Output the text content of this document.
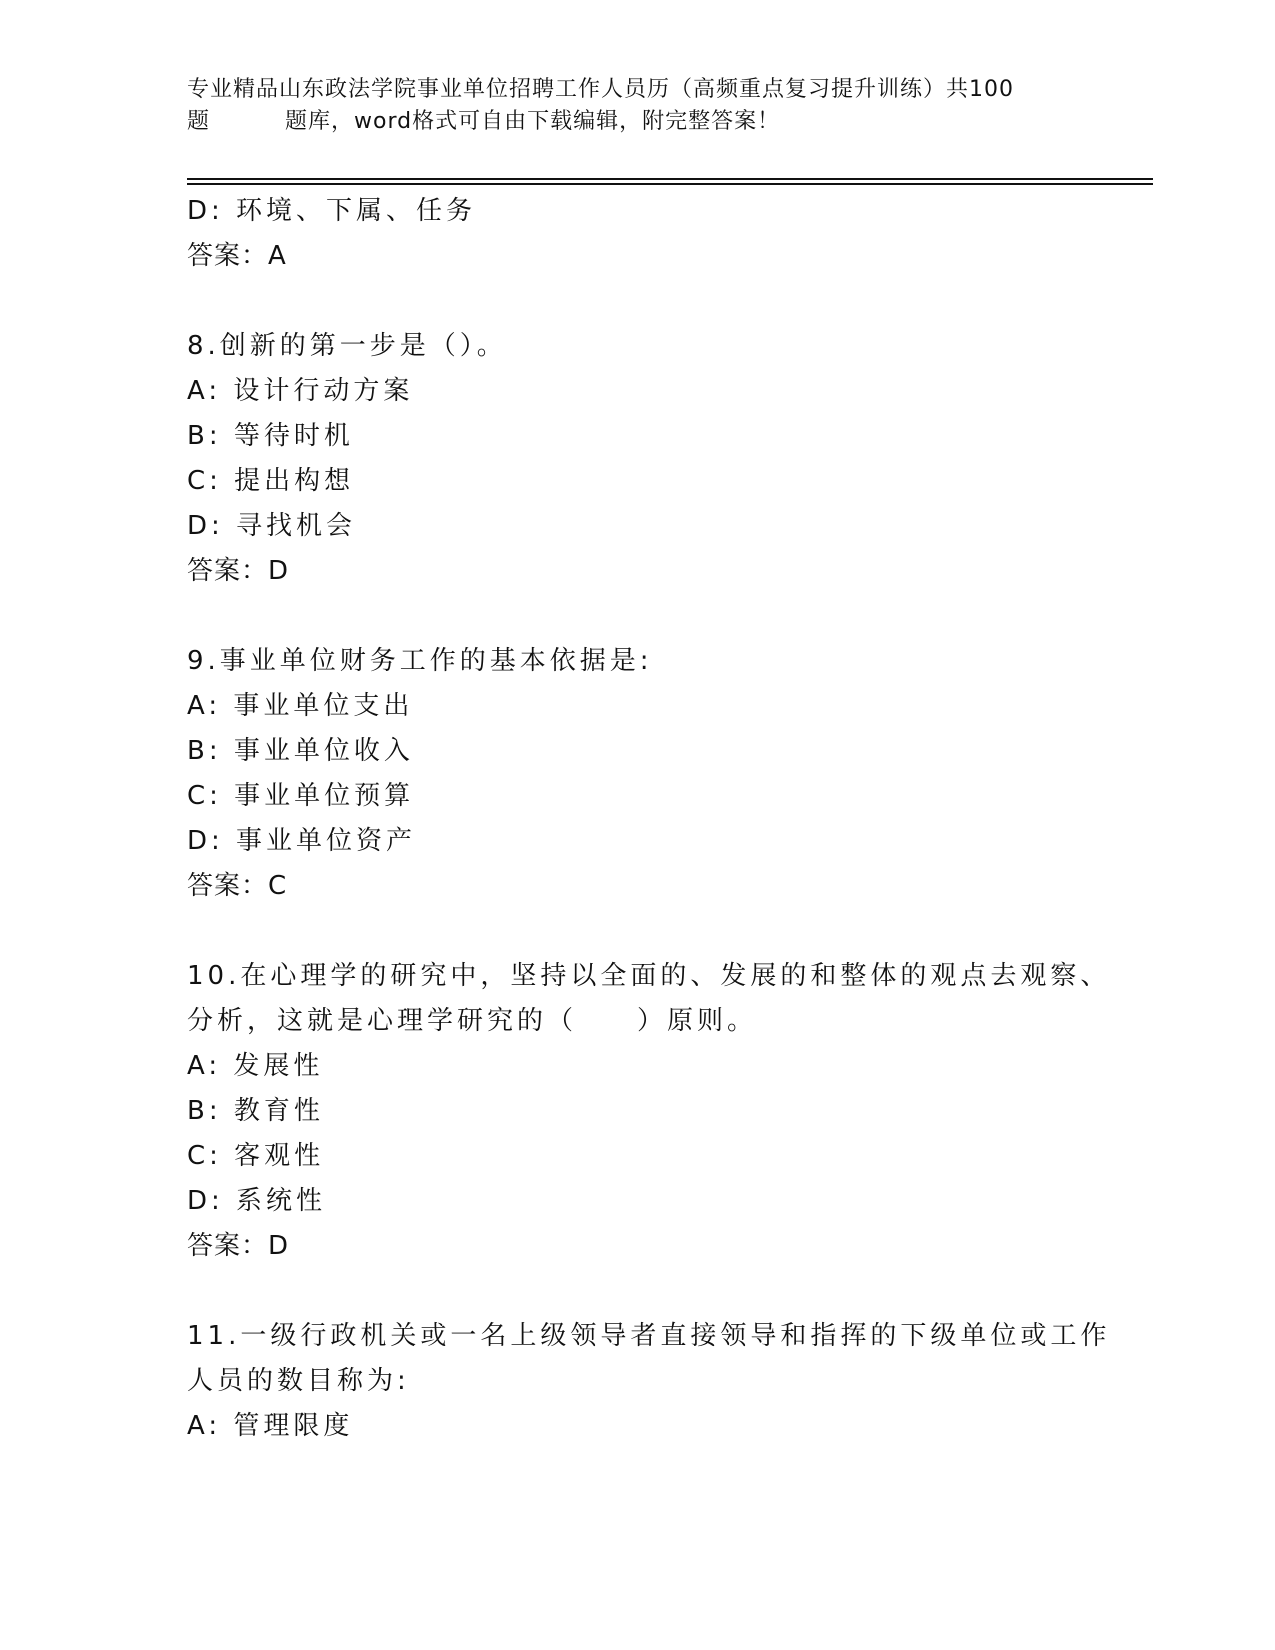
专业精品山东政法学院事业单位招聘工作人员历（高频重点复习提升训练）共100
题	题库，word格式可自由下载编辑，附完整答案！
D: 环境、下属、任务
答案：A
8.创新的第一步是（）。
A: 设计行动方案
B: 等待时机
C: 提出构想
D: 寻找机会
答案：D
9.事业单位财务工作的基本依据是:
A: 事业单位支出
B: 事业单位收入
C: 事业单位预算
D: 事业单位资产
答案：C
10.在心理学的研究中，坚持以全面的、发展的和整体的观点去观察、
分析，这就是心理学研究的（　　）原则。
A: 发展性
B: 教育性
C: 客观性
D: 系统性
答案：D
11.一级行政机关或一名上级领导者直接领导和指挥的下级单位或工作
人员的数目称为:
A: 管理限度
